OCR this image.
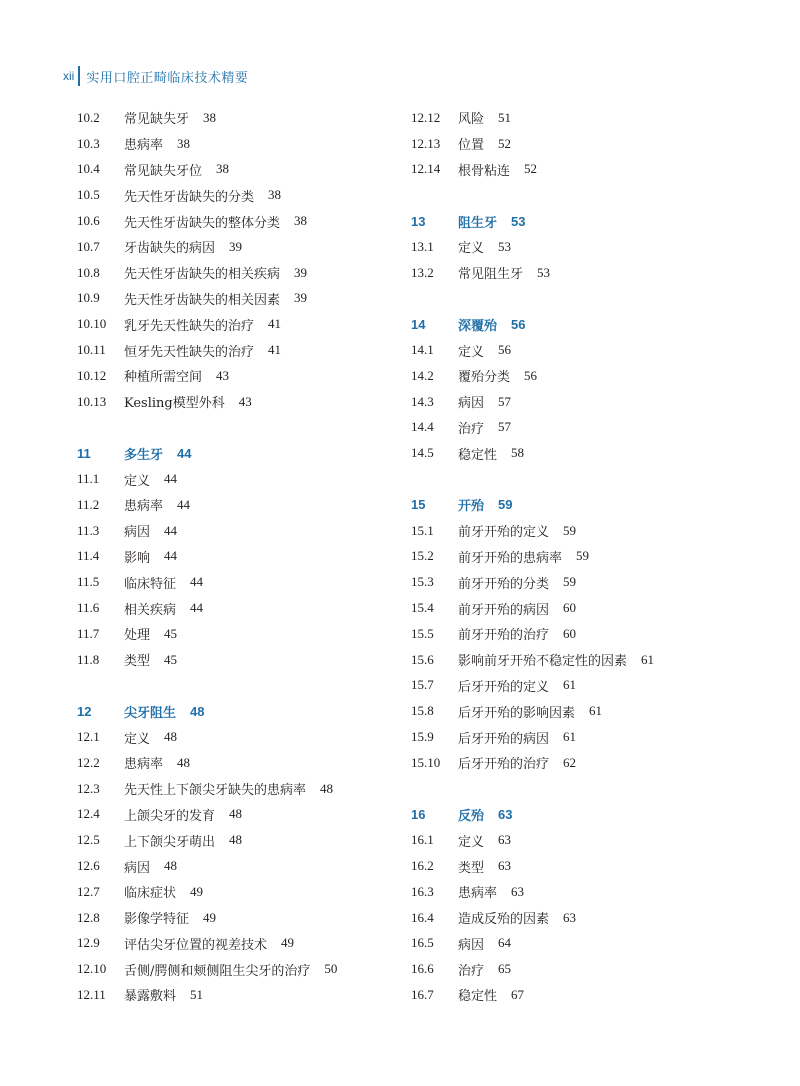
xii 实用口腔正畸临床技术精要
10.2	常见缺失牙 38
10.3	患病率 38
10.4	常见缺失牙位 38
10.5	先天性牙齿缺失的分类 38
10.6	先天性牙齿缺失的整体分类 38
10.7	牙齿缺失的病因 39
10.8	先天性牙齿缺失的相关疾病 39
10.9	先天性牙齿缺失的相关因素 39
10.10	乳牙先天性缺失的治疗 41
10.11	恒牙先天性缺失的治疗 41
10.12	种植所需空间 43
10.13	Kesling模型外科 43
11	多生牙 44
11.1	定义 44
11.2	患病率 44
11.3	病因 44
11.4	影响 44
11.5	临床特征 44
11.6	相关疾病 44
11.7	处理 45
11.8	类型 45
12	尖牙阻生 48
12.1	定义 48
12.2	患病率 48
12.3	先天性上下颌尖牙缺失的患病率 48
12.4	上颌尖牙的发育 48
12.5	上下颌尖牙萌出 48
12.6	病因 48
12.7	临床症状 49
12.8	影像学特征 49
12.9	评估尖牙位置的视差技术 49
12.10	舌侧/腭侧和颊侧阻生尖牙的治疗 50
12.11	暴露敷料 51
12.12	风险 51
12.13	位置 52
12.14	根骨粘连 52
13	阻生牙 53
13.1	定义 53
13.2	常见阻生牙 53
14	深覆殆 56
14.1	定义 56
14.2	覆殆分类 56
14.3	病因 57
14.4	治疗 57
14.5	稳定性 58
15	开殆 59
15.1	前牙开殆的定义 59
15.2	前牙开殆的患病率 59
15.3	前牙开殆的分类 59
15.4	前牙开殆的病因 60
15.5	前牙开殆的治疗 60
15.6	影响前牙开殆不稳定性的因素 61
15.7	后牙开殆的定义 61
15.8	后牙开殆的影响因素 61
15.9	后牙开殆的病因 61
15.10	后牙开殆的治疗 62
16	反殆 63
16.1	定义 63
16.2	类型 63
16.3	患病率 63
16.4	造成反殆的因素 63
16.5	病因 64
16.6	治疗 65
16.7	稳定性 67
